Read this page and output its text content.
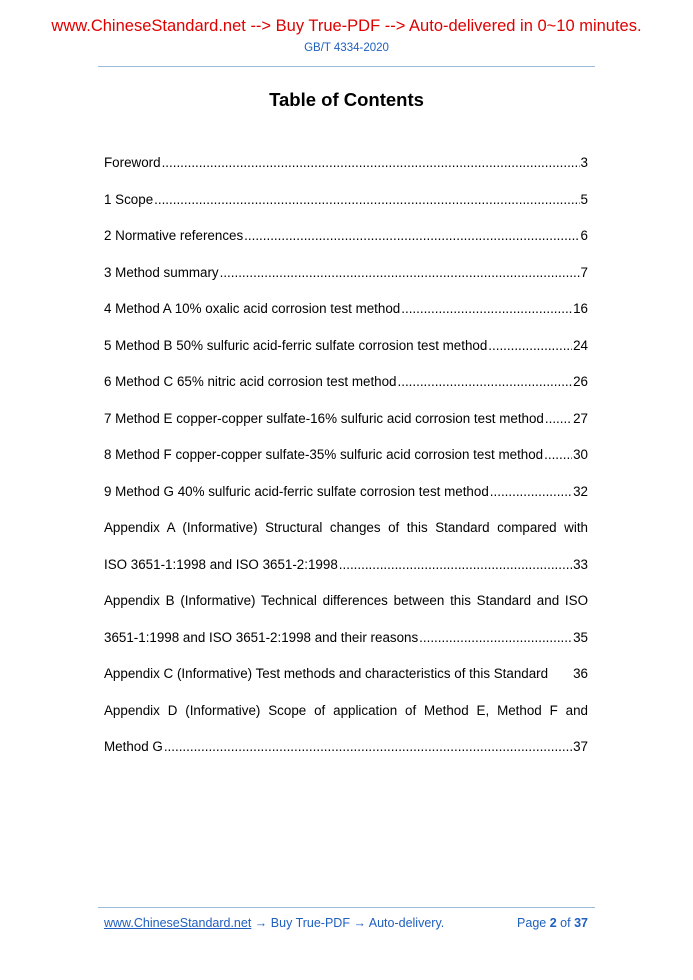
www.ChineseStandard.net --> Buy True-PDF --> Auto-delivered in 0~10 minutes.
GB/T 4334-2020
Table of Contents
Foreword .....	3
1 Scope .....	5
2 Normative references .....	6
3 Method summary .....	7
4 Method A 10% oxalic acid corrosion test method .....	16
5 Method B 50% sulfuric acid-ferric sulfate corrosion test method .....	24
6 Method C 65% nitric acid corrosion test method .....	26
7 Method E copper-copper sulfate-16% sulfuric acid corrosion test method ..... 27
8 Method F copper-copper sulfate-35% sulfuric acid corrosion test method ..... 30
9 Method G 40% sulfuric acid-ferric sulfate corrosion test method .....	32
Appendix A (Informative) Structural changes of this Standard compared with
ISO 3651-1:1998 and ISO 3651-2:1998 .....	33
Appendix B (Informative) Technical differences between this Standard and ISO
3651-1:1998 and ISO 3651-2:1998 and their reasons .....	35
Appendix C (Informative) Test methods and characteristics of this Standard 36
Appendix D (Informative) Scope of application of Method E, Method F and
Method G .....	37
www.ChineseStandard.net → Buy True-PDF → Auto-delivery.	Page 2 of 37
